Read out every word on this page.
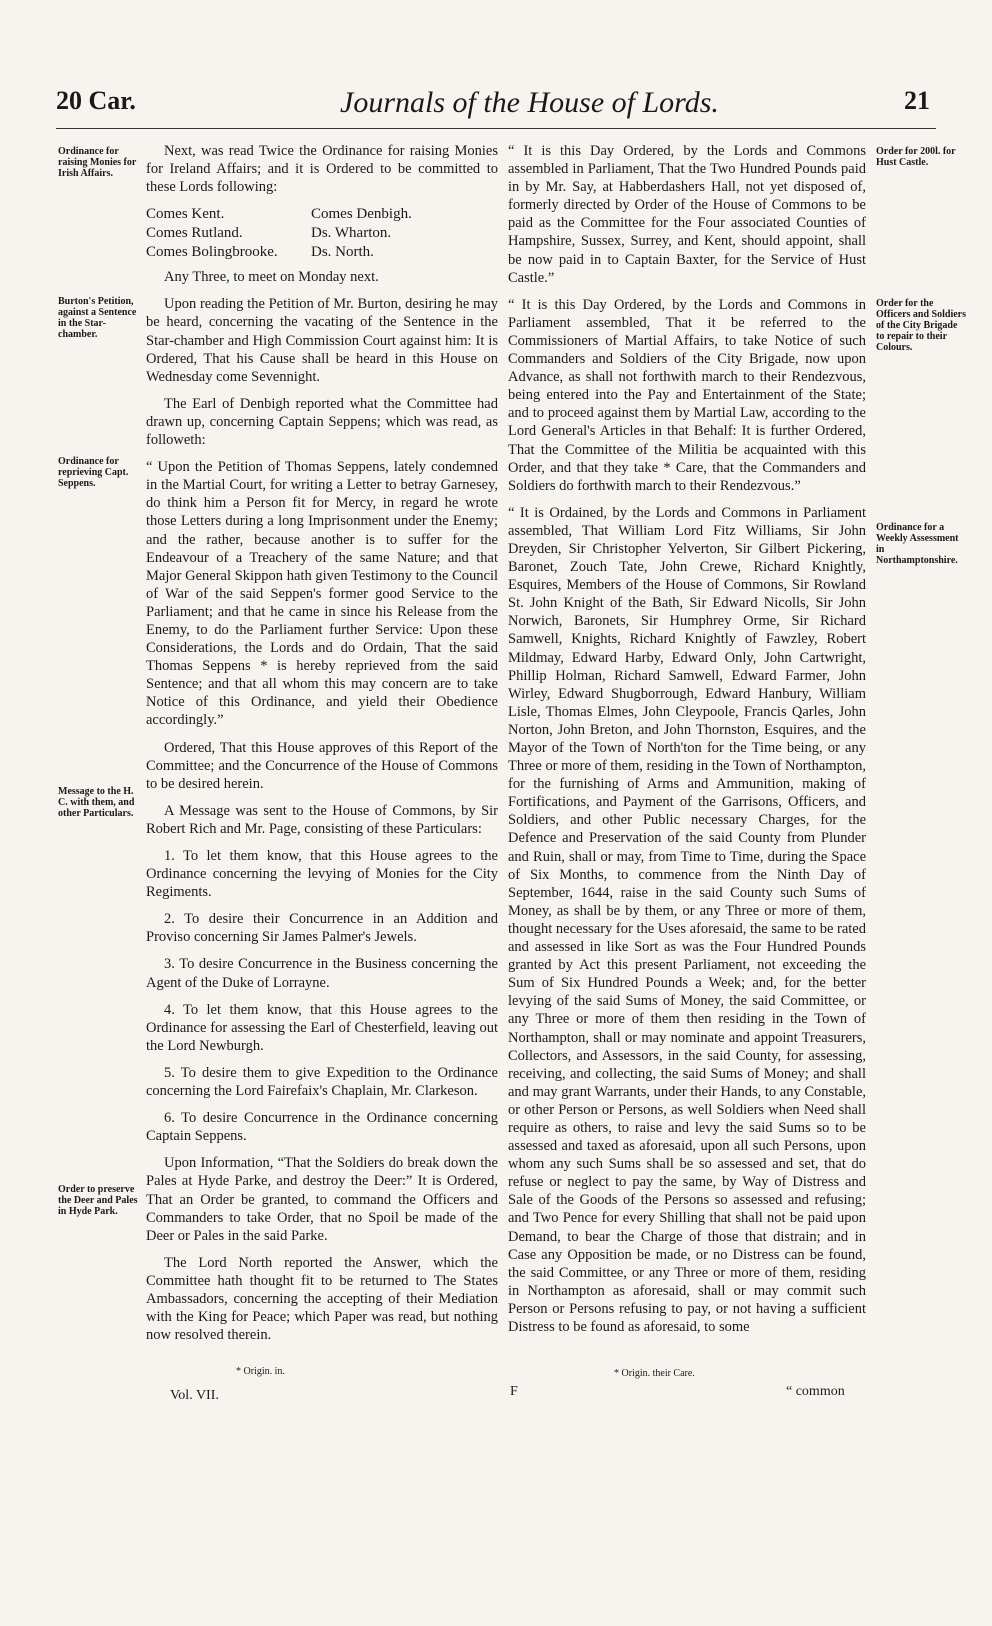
20 Car.	Journals of the House of Lords.	21
Ordinance for raising Monies for Irish Affairs.
Burton's Petition, against a Sentence in the Star-chamber.
Ordinance for reprieving Capt. Seppens.
Message to the H. C. with them, and other Particulars.
Order to preserve the Deer and Pales in Hyde Park.
Order for 200l. for Hust Castle.
Order for the Officers and Soldiers of the City Brigade to repair to their Colours.
Ordinance for a Weekly Assessment in Northamptonshire.

Next, was read Twice the Ordinance for raising Monies for Ireland Affairs; and it is Ordered to be committed to these Lords following:

Comes Kent.	Comes Denbigh.
Comes Rutland.	Ds. Wharton.
Comes Bolingbrooke.	Ds. North.

Any Three, to meet on Monday next.

Upon reading the Petition of Mr. Burton, desiring he may be heard, concerning the vacating of the Sentence in the Star-chamber and High Commission Court against him: It is Ordered, That his Cause shall be heard in this House on Wednesday come Sevennight.

The Earl of Denbigh reported what the Committee had drawn up, concerning Captain Seppens; which was read, as followeth:

“ Upon the Petition of Thomas Seppens, lately condemned in the Martial Court, for writing a Letter to betray Garnesey, do think him a Person fit for Mercy, in regard he wrote those Letters during a long Imprisonment under the Enemy; and the rather, because another is to suffer for the Endeavour of a Treachery of the same Nature; and that Major General Skippon hath given Testimony to the Council of War of the said Seppen's former good Service to the Parliament; and that he came in since his Release from the Enemy, to do the Parliament further Service: Upon these Considerations, the Lords and do Ordain, That the said Thomas Seppens * is hereby reprieved from the said Sentence; and that all whom this may concern are to take Notice of this Ordinance, and yield their Obedience accordingly.”

Ordered, That this House approves of this Report of the Committee; and the Concurrence of the House of Commons to be desired herein.

A Message was sent to the House of Commons, by Sir Robert Rich and Mr. Page, consisting of these Particulars:

1. To let them know, that this House agrees to the Ordinance concerning the levying of Monies for the City Regiments.

2. To desire their Concurrence in an Addition and Proviso concerning Sir James Palmer's Jewels.

3. To desire Concurrence in the Business concerning the Agent of the Duke of Lorrayne.

4. To let them know, that this House agrees to the Ordinance for assessing the Earl of Chesterfield, leaving out the Lord Newburgh.

5. To desire them to give Expedition to the Ordinance concerning the Lord Fairefaix's Chaplain, Mr. Clarkeson.

6. To desire Concurrence in the Ordinance concerning Captain Seppens.

Upon Information, “That the Soldiers do break down the Pales at Hyde Parke, and destroy the Deer:” It is Ordered, That an Order be granted, to command the Officers and Commanders to take Order, that no Spoil be made of the Deer or Pales in the said Parke.

The Lord North reported the Answer, which the Committee hath thought fit to be returned to The States Ambassadors, concerning the accepting of their Mediation with the King for Peace; which Paper was read, but nothing now resolved therein.

“ It is this Day Ordered, by the Lords and Commons assembled in Parliament, That the Two Hundred Pounds paid in by Mr. Say, at Habberdashers Hall, not yet disposed of, formerly directed by Order of the House of Commons to be paid as the Committee for the Four associated Counties of Hampshire, Sussex, Surrey, and Kent, should appoint, shall be now paid in to Captain Baxter, for the Service of Hust Castle.”

“ It is this Day Ordered, by the Lords and Commons in Parliament assembled, That it be referred to the Commissioners of Martial Affairs, to take Notice of such Commanders and Soldiers of the City Brigade, now upon Advance, as shall not forthwith march to their Rendezvous, being entered into the Pay and Entertainment of the State; and to proceed against them by Martial Law, according to the Lord General's Articles in that Behalf: It is further Ordered, That the Committee of the Militia be acquainted with this Order, and that they take * Care, that the Commanders and Soldiers do forthwith march to their Rendezvous.”

“ It is Ordained, by the Lords and Commons in Parliament assembled, That William Lord Fitz Williams, Sir John Dreyden, Sir Christopher Yelverton, Sir Gilbert Pickering, Baronet, Zouch Tate, John Crewe, Richard Knightly, Esquires, Members of the House of Commons, Sir Rowland St. John Knight of the Bath, Sir Edward Nicolls, Sir John Norwich, Baronets, Sir Humphrey Orme, Sir Richard Samwell, Knights, Richard Knightly of Fawzley, Robert Mildmay, Edward Harby, Edward Only, John Cartwright, Phillip Holman, Richard Samwell, Edward Farmer, John Wirley, Edward Shugborrough, Edward Hanbury, William Lisle, Thomas Elmes, John Cleypoole, Francis Qarles, John Norton, John Breton, and John Thornston, Esquires, and the Mayor of the Town of North'ton for the Time being, or any Three or more of them, residing in the Town of Northampton, for the furnishing of Arms and Ammunition, making of Fortifications, and Payment of the Garrisons, Officers, and Soldiers, and other Public necessary Charges, for the Defence and Preservation of the said County from Plunder and Ruin, shall or may, from Time to Time, during the Space of Six Months, to commence from the Ninth Day of September, 1644, raise in the said County such Sums of Money, as shall be by them, or any Three or more of them, thought necessary for the Uses aforesaid, the same to be rated and assessed in like Sort as was the Four Hundred Pounds granted by Act this present Parliament, not exceeding the Sum of Six Hundred Pounds a Week; and, for the better levying of the said Sums of Money, the said Committee, or any Three or more of them then residing in the Town of Northampton, shall or may nominate and appoint Treasurers, Collectors, and Assessors, in the said County, for assessing, receiving, and collecting, the said Sums of Money; and shall and may grant Warrants, under their Hands, to any Constable, or other Person or Persons, as well Soldiers when Need shall require as others, to raise and levy the said Sums so to be assessed and taxed as aforesaid, upon all such Persons, upon whom any such Sums shall be so assessed and set, that do refuse or neglect to pay the same, by Way of Distress and Sale of the Goods of the Persons so assessed and refusing; and Two Pence for every Shilling that shall not be paid upon Demand, to bear the Charge of those that distrain; and in Case any Opposition be made, or no Distress can be found, the said Committee, or any Three or more of them, residing in Northampton as aforesaid, shall or may commit such Person or Persons refusing to pay, or not having a sufficient Distress to be found as aforesaid, to some

Vol. VII.
* Origin. in.
F
* Origin. their Care.
“ common
